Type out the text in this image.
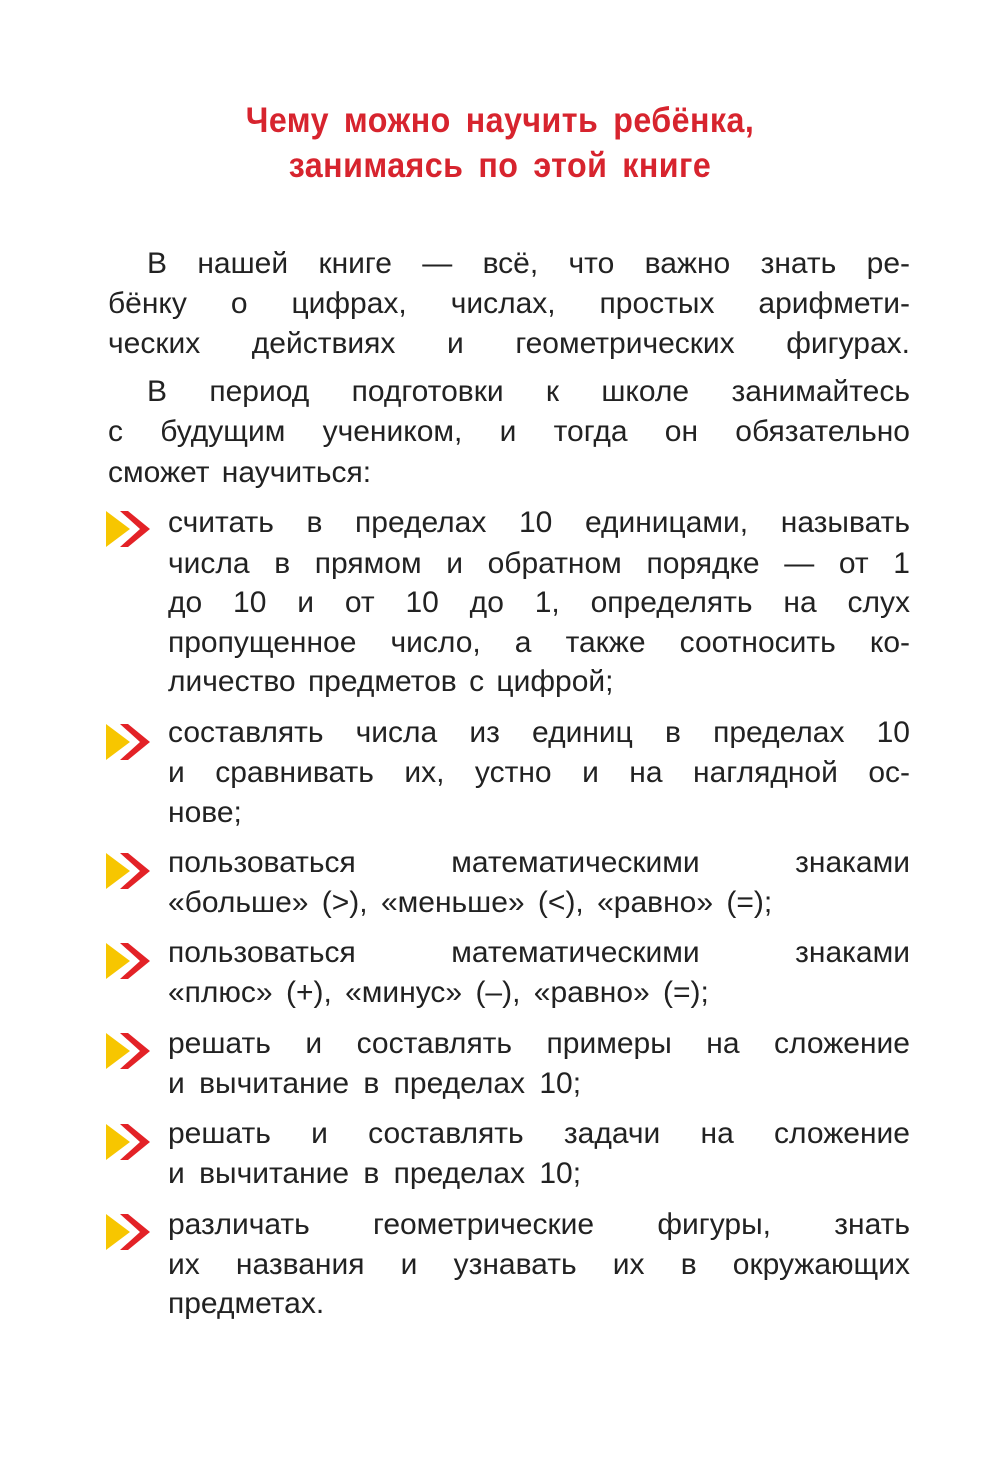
Чему можно научить ребёнка,
занимаясь по этой книге
В нашей книге — всё, что важно знать ре-
бёнку о цифрах, числах, простых арифмети-
ческих действиях и геометрических фигурах.
В период подготовки к школе занимайтесь
с будущим учеником, и тогда он обязательно
сможет научиться:
считать в пределах 10 единицами, называть
числа в прямом и обратном порядке — от 1
до 10 и от 10 до 1, определять на слух
пропущенное число, а также соотносить ко-
личество предметов с цифрой;
составлять числа из единиц в пределах 10
и сравнивать их, устно и на наглядной ос-
нове;
пользоваться математическими знаками
«больше» (>), «меньше» (<), «равно» (=);
пользоваться математическими знаками
«плюс» (+), «минус» (–), «равно» (=);
решать и составлять примеры на сложение
и вычитание в пределах 10;
решать и составлять задачи на сложение
и вычитание в пределах 10;
различать геометрические фигуры, знать
их названия и узнавать их в окружающих
предметах.
